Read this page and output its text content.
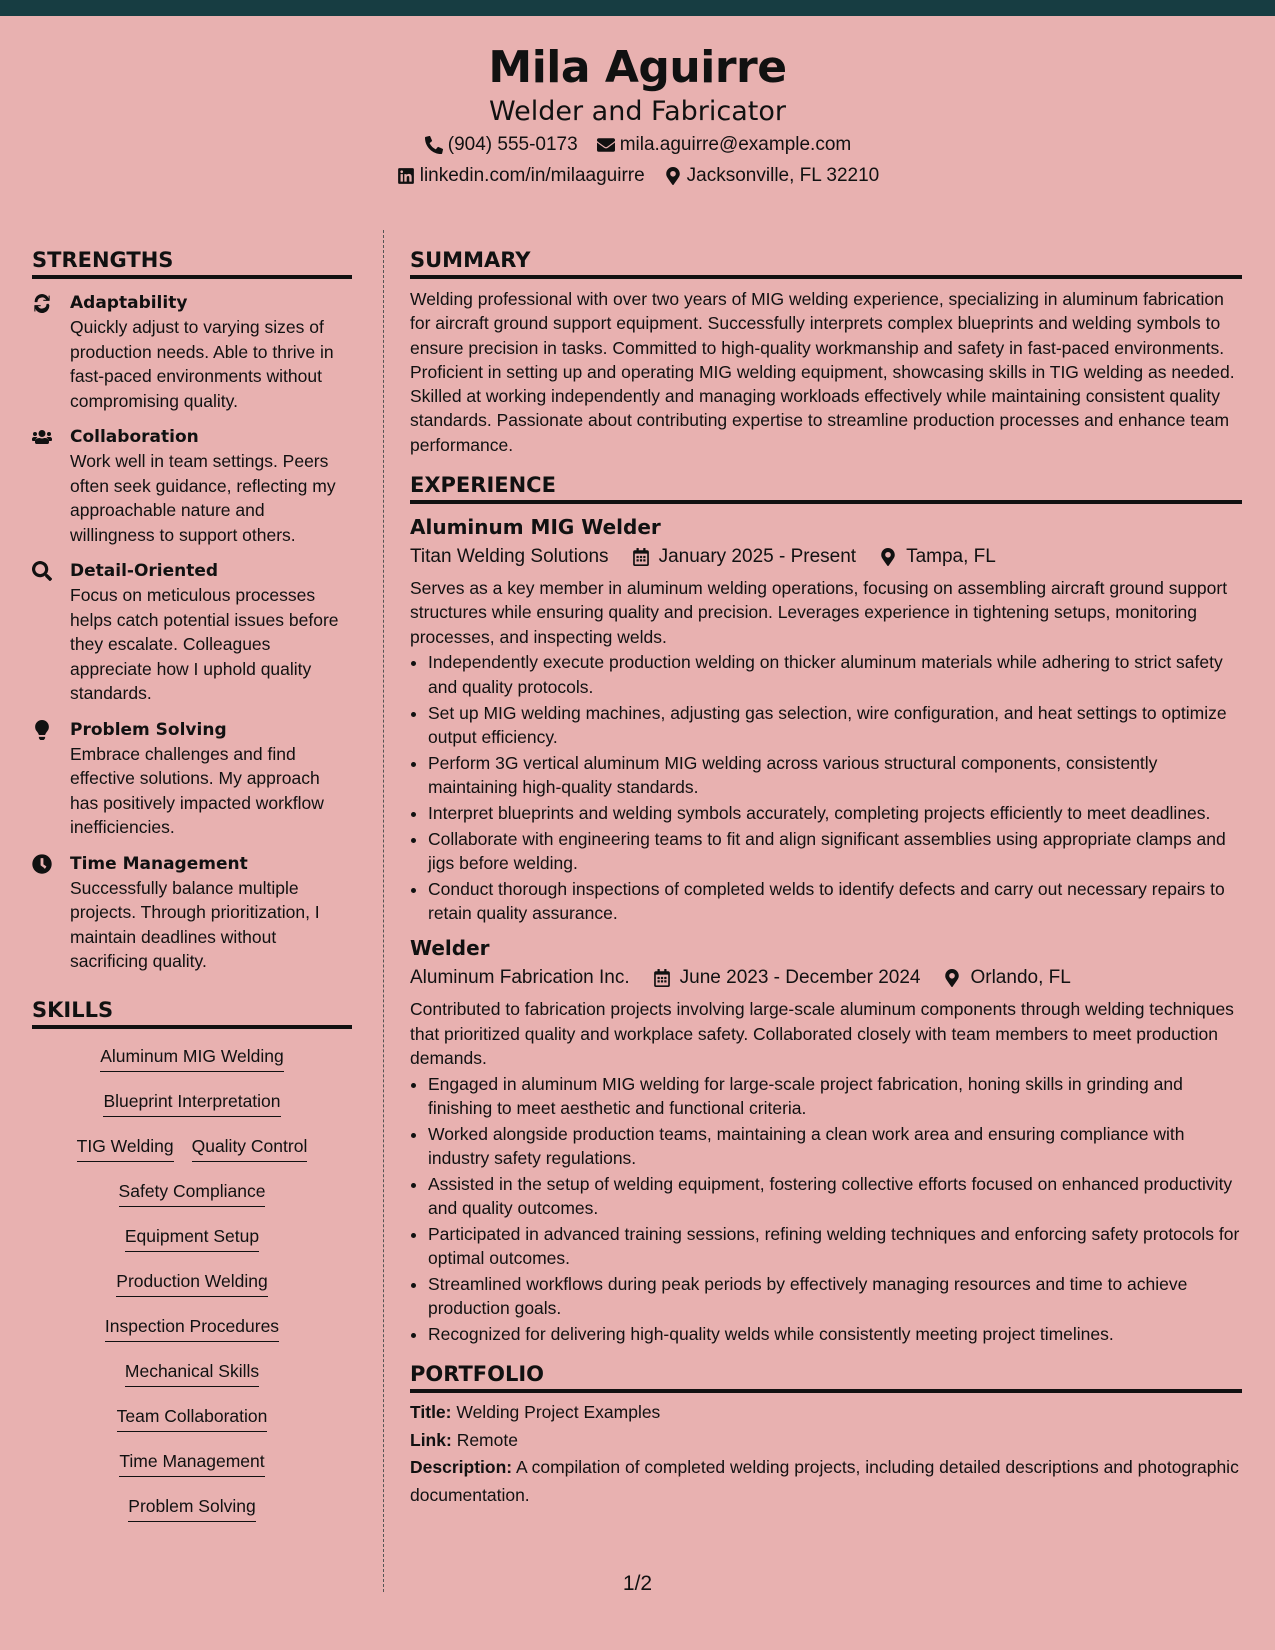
Mila Aguirre
Welder and Fabricator
(904) 555-0173 mila.aguirre@example.com
linkedin.com/in/milaaguirre Jacksonville, FL 32210
STRENGTHS
Adaptability
Quickly adjust to varying sizes of production needs. Able to thrive in fast-paced environments without compromising quality.
Collaboration
Work well in team settings. Peers often seek guidance, reflecting my approachable nature and willingness to support others.
Detail-Oriented
Focus on meticulous processes helps catch potential issues before they escalate. Colleagues appreciate how I uphold quality standards.
Problem Solving
Embrace challenges and find effective solutions. My approach has positively impacted workflow inefficiencies.
Time Management
Successfully balance multiple projects. Through prioritization, I maintain deadlines without sacrificing quality.
SKILLS
Aluminum MIG Welding
Blueprint Interpretation
TIG Welding Quality Control
Safety Compliance
Equipment Setup
Production Welding
Inspection Procedures
Mechanical Skills
Team Collaboration
Time Management
Problem Solving
SUMMARY
Welding professional with over two years of MIG welding experience, specializing in aluminum fabrication for aircraft ground support equipment. Successfully interprets complex blueprints and welding symbols to ensure precision in tasks. Committed to high-quality workmanship and safety in fast-paced environments. Proficient in setting up and operating MIG welding equipment, showcasing skills in TIG welding as needed. Skilled at working independently and managing workloads effectively while maintaining consistent quality standards. Passionate about contributing expertise to streamline production processes and enhance team performance.
EXPERIENCE
Aluminum MIG Welder
Titan Welding Solutions	January 2025 - Present	Tampa, FL
Serves as a key member in aluminum welding operations, focusing on assembling aircraft ground support structures while ensuring quality and precision. Leverages experience in tightening setups, monitoring processes, and inspecting welds.
• Independently execute production welding on thicker aluminum materials while adhering to strict safety and quality protocols.
• Set up MIG welding machines, adjusting gas selection, wire configuration, and heat settings to optimize output efficiency.
• Perform 3G vertical aluminum MIG welding across various structural components, consistently maintaining high-quality standards.
• Interpret blueprints and welding symbols accurately, completing projects efficiently to meet deadlines.
• Collaborate with engineering teams to fit and align significant assemblies using appropriate clamps and jigs before welding.
• Conduct thorough inspections of completed welds to identify defects and carry out necessary repairs to retain quality assurance.
Welder
Aluminum Fabrication Inc.	June 2023 - December 2024	Orlando, FL
Contributed to fabrication projects involving large-scale aluminum components through welding techniques that prioritized quality and workplace safety. Collaborated closely with team members to meet production demands.
• Engaged in aluminum MIG welding for large-scale project fabrication, honing skills in grinding and finishing to meet aesthetic and functional criteria.
• Worked alongside production teams, maintaining a clean work area and ensuring compliance with industry safety regulations.
• Assisted in the setup of welding equipment, fostering collective efforts focused on enhanced productivity and quality outcomes.
• Participated in advanced training sessions, refining welding techniques and enforcing safety protocols for optimal outcomes.
• Streamlined workflows during peak periods by effectively managing resources and time to achieve production goals.
• Recognized for delivering high-quality welds while consistently meeting project timelines.
PORTFOLIO
Title: Welding Project Examples
Link: Remote
Description: A compilation of completed welding projects, including detailed descriptions and photographic documentation.
1/2
